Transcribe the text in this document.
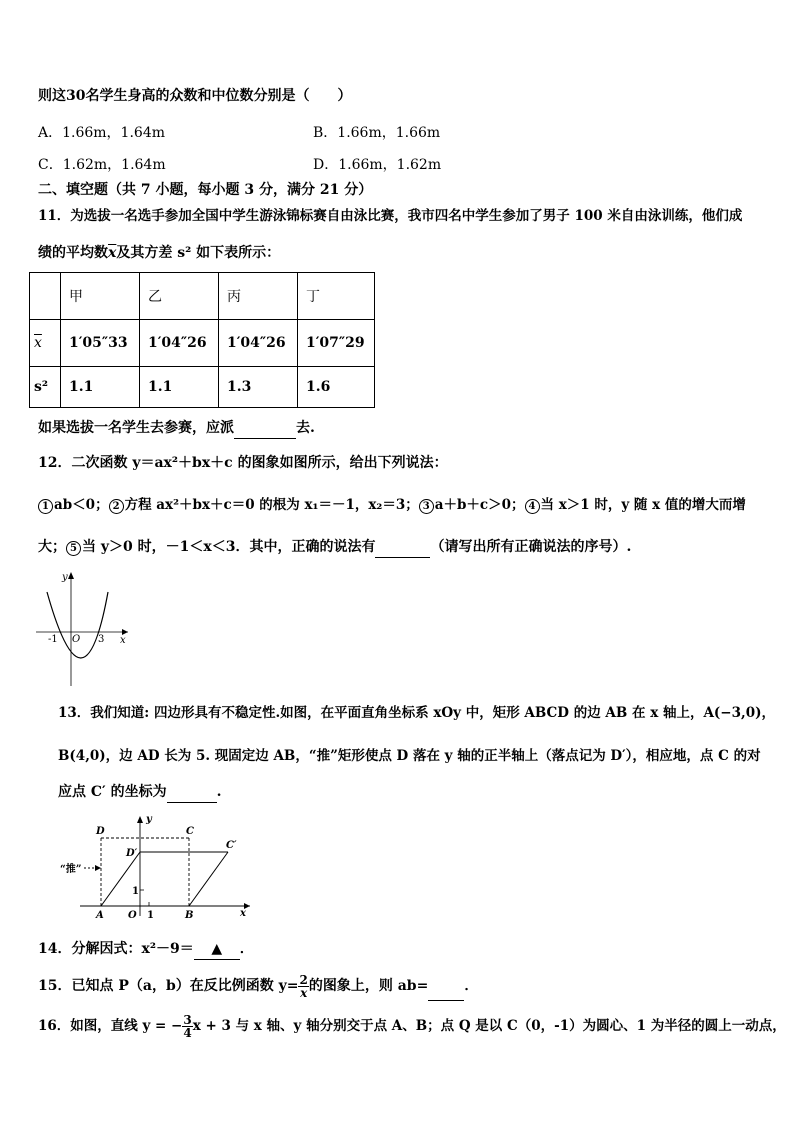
则这30名学生身高的众数和中位数分别是（　　）
A．1.66m，1.64m	B．1.66m，1.66m
C．1.62m，1.64m	D．1.66m，1.62m
二、填空题（共 7 小题，每小题 3 分，满分 21 分）
11．为选拔一名选手参加全国中学生游泳锦标赛自由泳比赛，我市四名中学生参加了男子 100 米自由泳训练，他们成
绩的平均数$\overline{x}$及其方差 s² 如下表所示：
	甲	乙	丙	丁
$\overline{x}$	1′05″33	1′04″26	1′04″26	1′07″29
s²	1.1	1.1	1.3	1.6
如果选拔一名学生去参赛，应派	去.
12．二次函数 y＝ax²＋bx＋c 的图象如图所示，给出下列说法：
1 ab＜0； 2 方程 ax²＋bx＋c＝0 的根为 x₁＝－1，x₂＝3； 3 a＋b＋c＞0； 4 当 x＞1 时，y 随 x 值的增大而增
大； 5 当 y＞0 时，－1＜x＜3．其中，正确的说法有	（请写出所有正确说法的序号）.
y
x
O
-1	3
13．我们知道: 四边形具有不稳定性.如图，在平面直角坐标系 xOy 中，矩形 ABCD 的边 AB 在 x 轴上，A(−3,0)，
B(4,0)，边 AD 长为 5. 现固定边 AB，“推”矩形使点 D 落在 y 轴的正半轴上（落点记为 D′），相应地，点 C 的对
应点 C′ 的坐标为	.
“推”
D	C
D′
C′
A O	B
y
x
1
1
14．分解因式：x²－9＝ ▲ ．
15．已知点 P（a，b）在反比例函数 $y= \frac{2}{x}$ 的图象上，则 ab=	．
16．如图，直线 y = − $\frac{3}{4}$ x + 3 与 x 轴、y 轴分别交于点 A、B；点 Q 是以 C（0，-1）为圆心、1 为半径的圆上一动点，
